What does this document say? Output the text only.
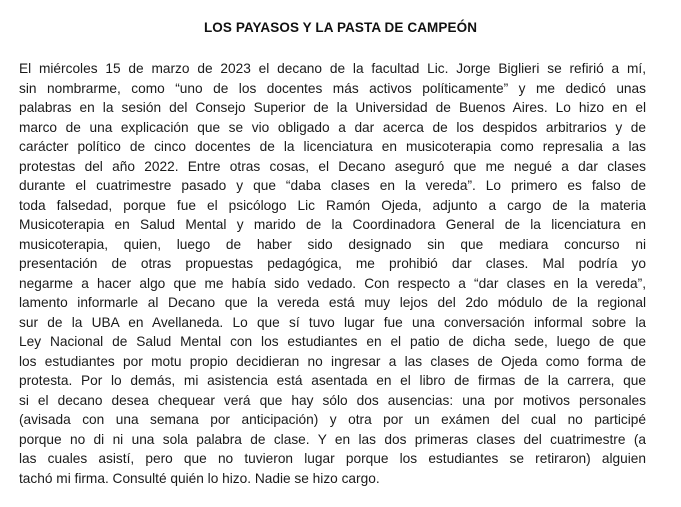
LOS PAYASOS Y LA PASTA DE CAMPEÓN
El miércoles 15 de marzo de 2023 el decano de la facultad Lic. Jorge Biglieri se refirió a mí,
sin nombrarme, como “uno de los docentes más activos políticamente” y me dedicó unas
palabras en la sesión del Consejo Superior de la Universidad de Buenos Aires. Lo hizo en el
marco de una explicación que se vio obligado a dar acerca de los despidos arbitrarios y de
carácter político de cinco docentes de la licenciatura en musicoterapia como represalia a las
protestas del año 2022. Entre otras cosas, el Decano aseguró que me negué a dar clases
durante el cuatrimestre pasado y que “daba clases en la vereda”. Lo primero es falso de
toda falsedad, porque fue el psicólogo Lic Ramón Ojeda, adjunto a cargo de la materia
Musicoterapia en Salud Mental y marido de la Coordinadora General de la licenciatura en
musicoterapia, quien, luego de haber sido designado sin que mediara concurso ni
presentación de otras propuestas pedagógica, me prohibió dar clases. Mal podría yo
negarme a hacer algo que me había sido vedado. Con respecto a “dar clases en la vereda”,
lamento informarle al Decano que la vereda está muy lejos del 2do módulo de la regional
sur de la UBA en Avellaneda. Lo que sí tuvo lugar fue una conversación informal sobre la
Ley Nacional de Salud Mental con los estudiantes en el patio de dicha sede, luego de que
los estudiantes por motu propio decidieran no ingresar a las clases de Ojeda como forma de
protesta. Por lo demás, mi asistencia está asentada en el libro de firmas de la carrera, que
si el decano desea chequear verá que hay sólo dos ausencias: una por motivos personales
(avisada con una semana por anticipación) y otra por un exámen del cual no participé
porque no di ni una sola palabra de clase. Y en las dos primeras clases del cuatrimestre (a
las cuales asistí, pero que no tuvieron lugar porque los estudiantes se retiraron) alguien
tachó mi firma. Consulté quién lo hizo. Nadie se hizo cargo.
